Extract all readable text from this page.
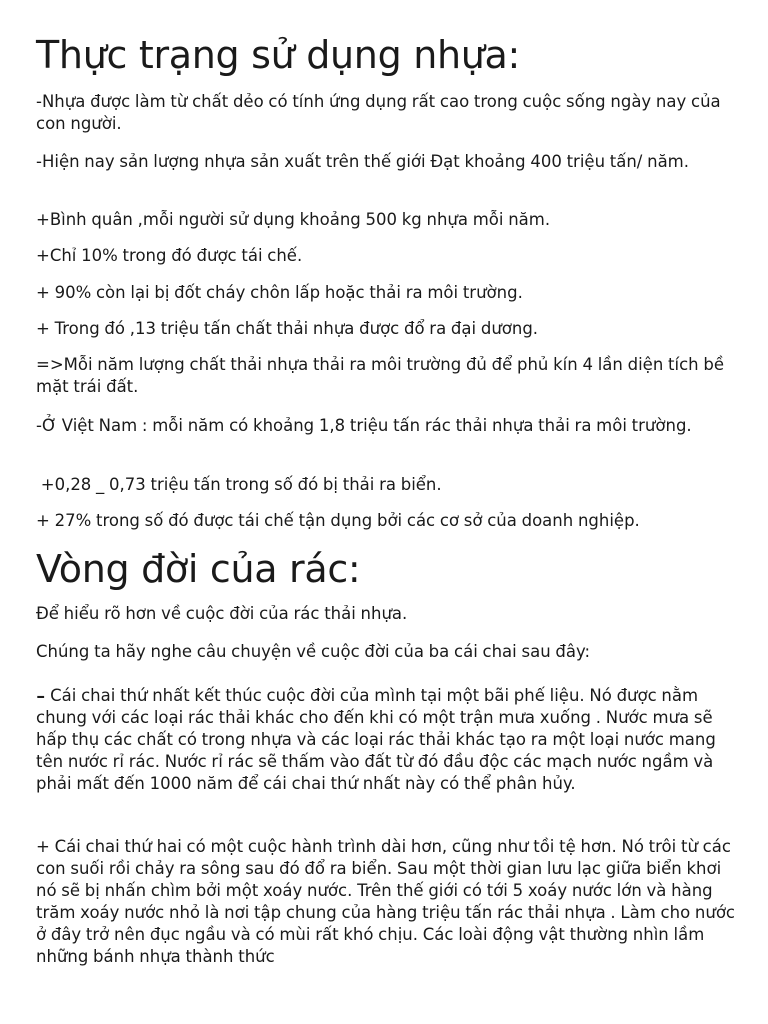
Thực trạng sử dụng nhựa:

-Nhựa được làm từ chất dẻo có tính ứng dụng rất cao trong cuộc sống ngày nay của con người.

-Hiện nay sản lượng nhựa sản xuất trên thế giới Đạt khoảng 400 triệu tấn/ năm.

+Bình quân ,mỗi người sử dụng khoảng 500 kg nhựa mỗi năm.

+Chỉ 10% trong đó được tái chế.

+ 90% còn lại bị đốt cháy chôn lấp hoặc thải ra môi trường.

+ Trong đó ,13 triệu tấn chất thải nhựa được đổ ra đại dương.

=>Mỗi năm lượng chất thải nhựa thải ra môi trường đủ để phủ kín 4 lần diện tích bề mặt trái đất.

-Ở Việt Nam : mỗi năm có khoảng 1,8 triệu tấn rác thải nhựa thải ra môi trường.

+0,28 _ 0,73 triệu tấn trong số đó bị thải ra biển.

+ 27% trong số đó được tái chế tận dụng bởi các cơ sở của doanh nghiệp.

Vòng đời của rác:

Để hiểu rõ hơn về cuộc đời của rác thải nhựa.

Chúng ta hãy nghe câu chuyện về cuộc đời của ba cái chai sau đây:

- Cái chai thứ nhất kết thúc cuộc đời của mình tại một bãi phế liệu. Nó được nằm chung với các loại rác thải khác cho đến khi có một trận mưa xuống . Nước mưa sẽ hấp thụ các chất có trong nhựa và các loại rác thải khác tạo ra một loại nước mang tên nước rỉ rác. Nước rỉ rác sẽ thấm vào đất từ đó đầu độc các mạch nước ngầm và phải mất đến 1000 năm để cái chai thứ nhất này có thể phân hủy.

+ Cái chai thứ hai có một cuộc hành trình dài hơn, cũng như tồi tệ hơn. Nó trôi từ các con suối rồi chảy ra sông sau đó đổ ra biển. Sau một thời gian lưu lạc giữa biển khơi nó sẽ bị nhấn chìm bởi một xoáy nước. Trên thế giới có tới 5 xoáy nước lớn và hàng trăm xoáy nước nhỏ là nơi tập chung của hàng triệu tấn rác thải nhựa . Làm cho nước ở đây trở nên đục ngầu và có mùi rất khó chịu. Các loài động vật thường nhìn lầm những bánh nhựa thành thức
